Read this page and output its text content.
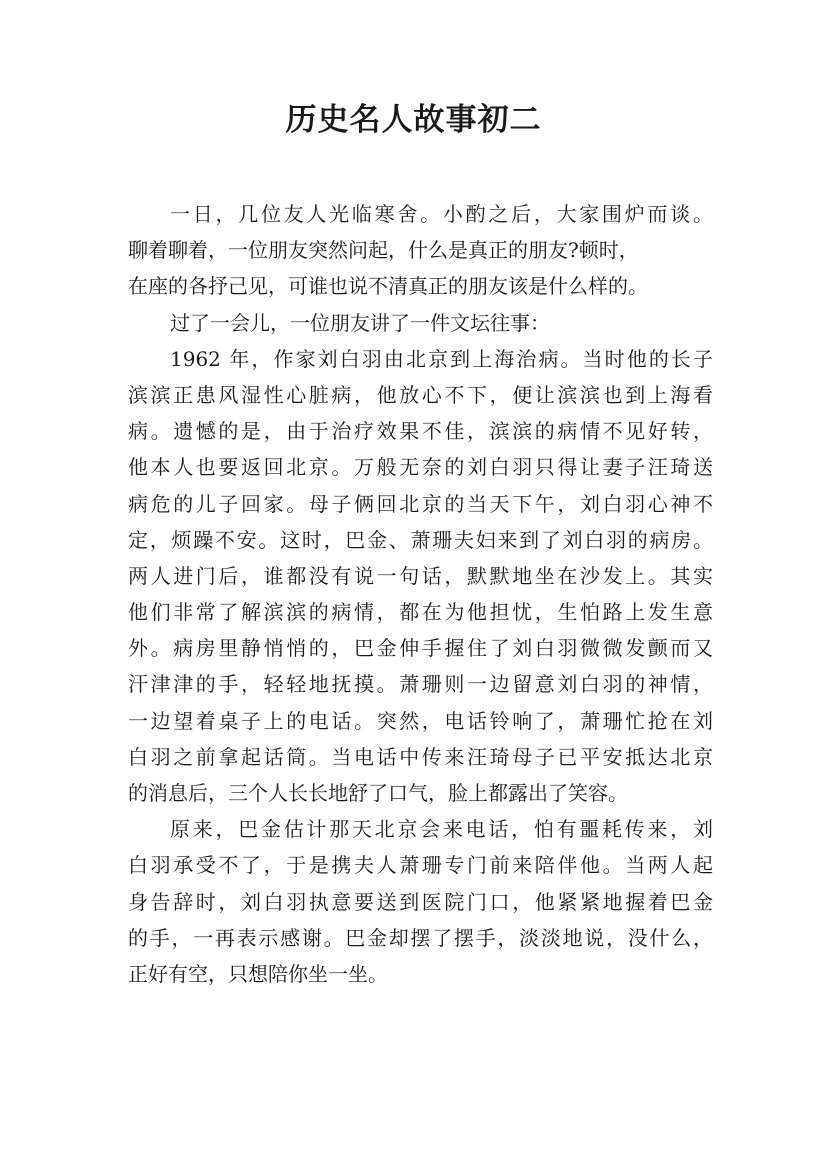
历史名人故事初二
一日，几位友人光临寒舍。小酌之后，大家围炉而谈。
聊着聊着，一位朋友突然问起，什么是真正的朋友?顿时，
在座的各抒己见，可谁也说不清真正的朋友该是什么样的。
过了一会儿，一位朋友讲了一件文坛往事：
1962 年，作家刘白羽由北京到上海治病。当时他的长子
滨滨正患风湿性心脏病，他放心不下，便让滨滨也到上海看
病。遗憾的是，由于治疗效果不佳，滨滨的病情不见好转，
他本人也要返回北京。万般无奈的刘白羽只得让妻子汪琦送
病危的儿子回家。母子俩回北京的当天下午，刘白羽心神不
定，烦躁不安。这时，巴金、萧珊夫妇来到了刘白羽的病房。
两人进门后，谁都没有说一句话，默默地坐在沙发上。其实
他们非常了解滨滨的病情，都在为他担忧，生怕路上发生意
外。病房里静悄悄的，巴金伸手握住了刘白羽微微发颤而又
汗津津的手，轻轻地抚摸。萧珊则一边留意刘白羽的神情，
一边望着桌子上的电话。突然，电话铃响了，萧珊忙抢在刘
白羽之前拿起话筒。当电话中传来汪琦母子已平安抵达北京
的消息后，三个人长长地舒了口气，脸上都露出了笑容。
原来，巴金估计那天北京会来电话，怕有噩耗传来，刘
白羽承受不了，于是携夫人萧珊专门前来陪伴他。当两人起
身告辞时，刘白羽执意要送到医院门口，他紧紧地握着巴金
的手，一再表示感谢。巴金却摆了摆手，淡淡地说，没什么，
正好有空，只想陪你坐一坐。
